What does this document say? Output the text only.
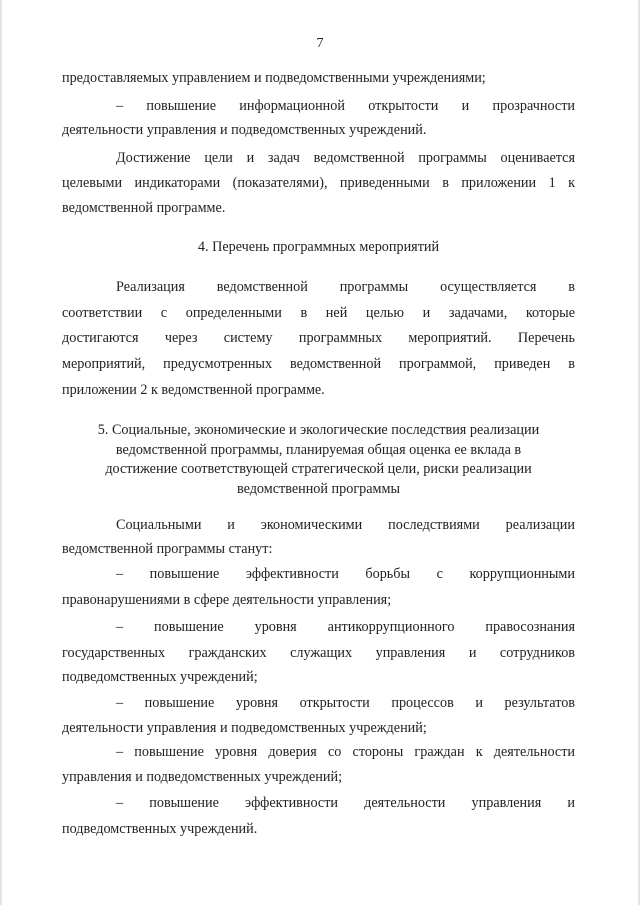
7
предоставляемых управлением и подведомственными учреждениями;
– повышение информационной открытости и прозрачности
деятельности управления и подведомственных учреждений.
Достижение цели и задач ведомственной программы оценивается
целевыми индикаторами (показателями), приведенными в приложении 1 к
ведомственной программе.
4. Перечень программных мероприятий
Реализация ведомственной программы осуществляется в
соответствии с определенными в ней целью и задачами, которые
достигаются через систему программных мероприятий. Перечень
мероприятий, предусмотренных ведомственной программой, приведен в
приложении 2 к ведомственной программе.
5. Социальные, экономические и экологические последствия реализации
ведомственной программы, планируемая общая оценка ее вклада в
достижение соответствующей стратегической цели, риски реализации
ведомственной программы
Социальными и экономическими последствиями реализации
ведомственной программы станут:
– повышение эффективности борьбы с коррупционными
правонарушениями в сфере деятельности управления;
– повышение уровня антикоррупционного правосознания
государственных гражданских служащих управления и сотрудников
подведомственных учреждений;
– повышение уровня открытости процессов и результатов
деятельности управления и подведомственных учреждений;
– повышение уровня доверия со стороны граждан к деятельности
управления и подведомственных учреждений;
– повышение эффективности деятельности управления и
подведомственных учреждений.
